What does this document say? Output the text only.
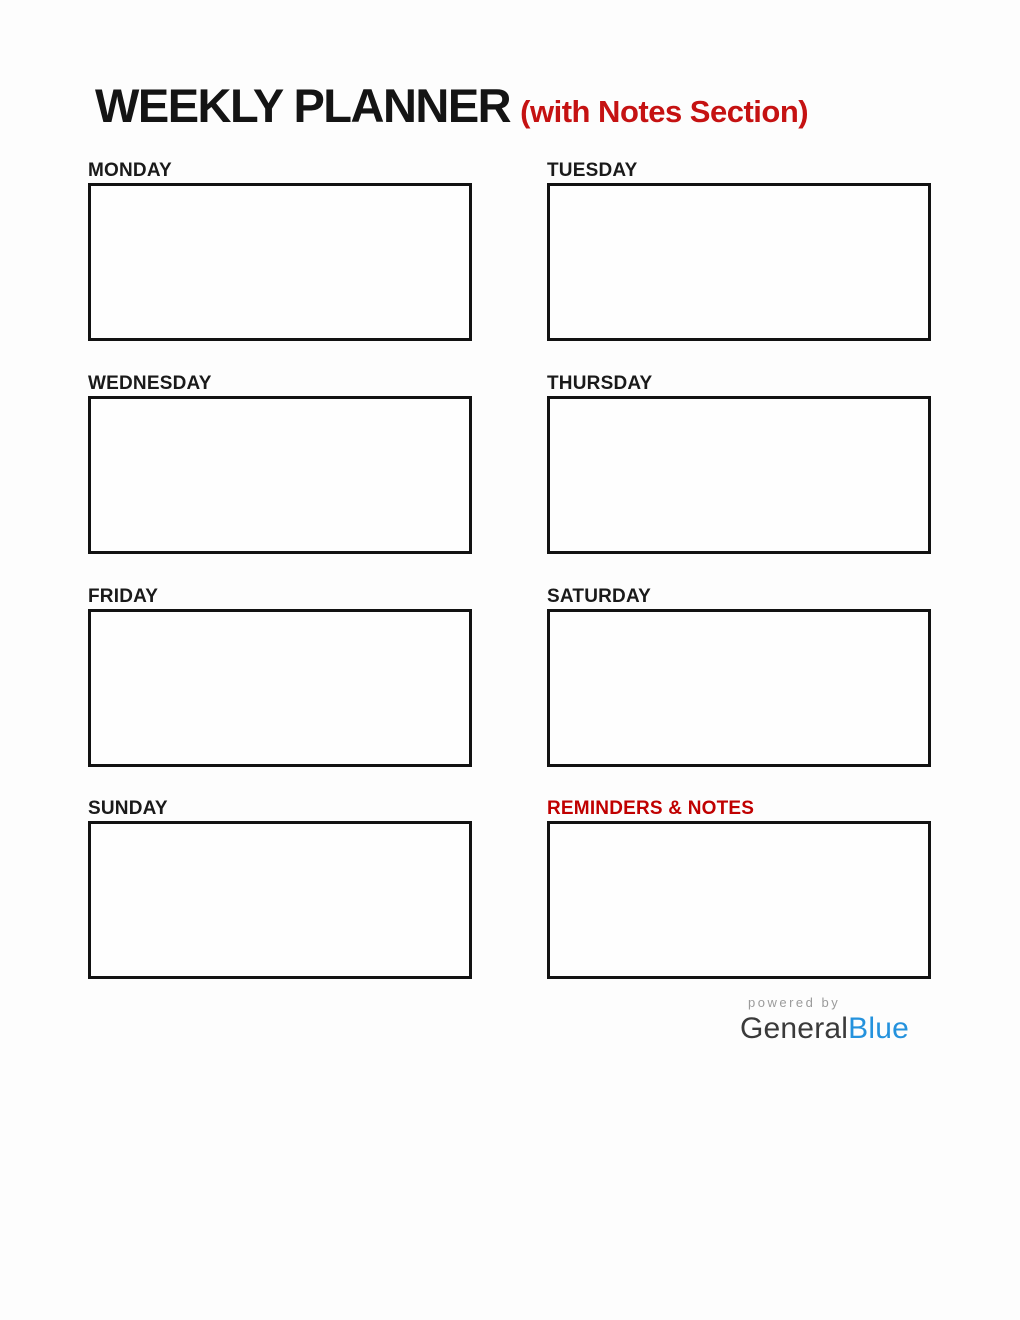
WEEKLY PLANNER (with Notes Section)
MONDAY	TUESDAY
WEDNESDAY	THURSDAY
FRIDAY	SATURDAY
SUNDAY	REMINDERS & NOTES
powered by
GeneralBlue
